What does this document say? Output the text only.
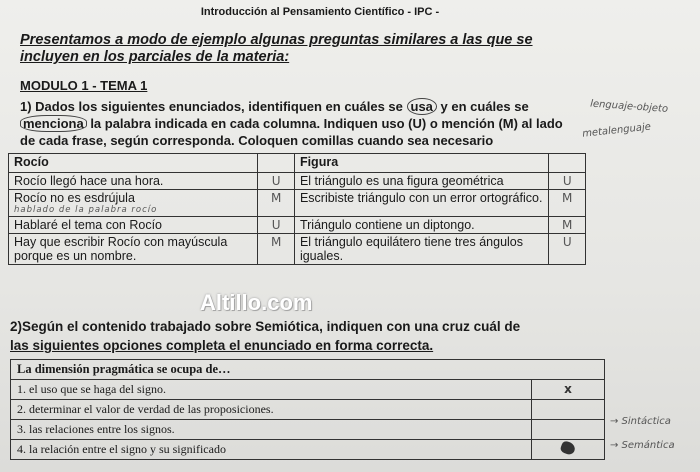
Introducción al Pensamiento Científico - IPC -
Presentamos a modo de ejemplo algunas preguntas similares a las que se incluyen en los parciales de la materia:
MODULO 1 - TEMA 1
1) Dados los siguientes enunciados, identifiquen en cuáles se usa y en cuáles se menciona la palabra indicada en cada columna. Indiquen uso (U) o mención (M) al lado de cada frase, según corresponda. Coloquen comillas cuando sea necesario
lenguaje-objeto
metalenguaje
Rocío		Figura	
Rocío llegó hace una hora.	U	El triángulo es una figura geométrica	U
Rocío no es esdrújula
hablado de la palabra rocío	M	Escribiste triángulo con un error ortográfico.	M
Hablaré el tema con Rocío	U	Triángulo contiene un diptongo.	M
Hay que escribir Rocío con mayúscula porque es un nombre.	M	El triángulo equilátero tiene tres ángulos iguales.	U
Altillo.com
2)Según el contenido trabajado sobre Semiótica, indiquen con una cruz cuál de
las siguientes opciones completa el enunciado en forma correcta.
La dimensión pragmática se ocupa de…	
1. el uso que se haga del signo.	x
2. determinar el valor de verdad de las proposiciones.	
3. las relaciones entre los signos.	
4. la relación entre el signo y su significado	
→ Sintáctica
→ Semántica
